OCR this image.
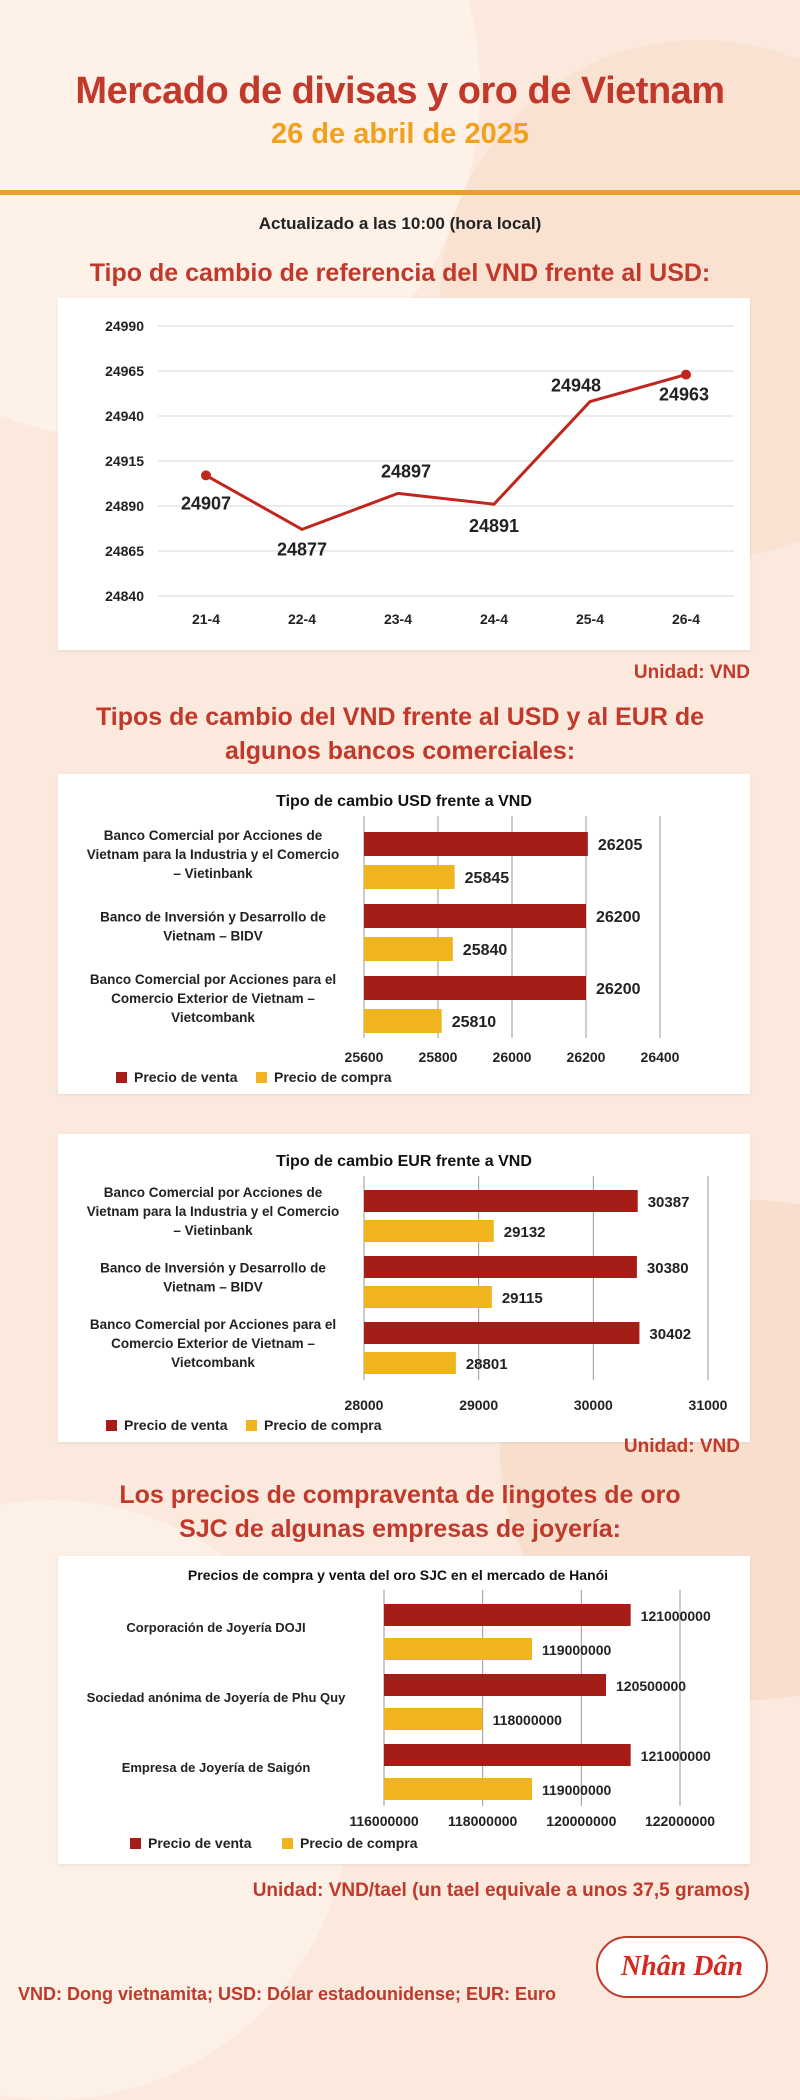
Mercado de divisas y oro de Vietnam
26 de abril de 2025
Actualizado a las 10:00 (hora local)
Tipo de cambio de referencia del VND frente al USD:
24840
24865
24890
24915
24940
24965
24990
21-4	22-4	23-4	24-4	25-4	26-4
24907
24877
24897
24891
24948	24963
Unidad: VND
Tipos de cambio del VND frente al USD y al EUR de
algunos bancos comerciales:
Tipo de cambio USD frente a VND
25600	25800	26000	26200	26400
Banco Comercial por Acciones de
Vietnam para la Industria y el Comercio
– Vietinbank
26205
25845
Banco de Inversión y Desarrollo de
Vietnam – BIDV
26200
25840
Banco Comercial por Acciones para el
Comercio Exterior de Vietnam –
Vietcombank
26200
25810
Precio de venta	Precio de compra
Tipo de cambio EUR frente a VND
28000	29000	30000	31000
Banco Comercial por Acciones de
Vietnam para la Industria y el Comercio
– Vietinbank
30387
29132
Banco de Inversión y Desarrollo de
Vietnam – BIDV
30380
29115
Banco Comercial por Acciones para el
Comercio Exterior de Vietnam –
Vietcombank
30402
28801
Precio de venta	Precio de compra
Unidad: VND
Los precios de compraventa de lingotes de oro
SJC de algunas empresas de joyería:
Precios de compra y venta del oro SJC en el mercado de Hanói
116000000 118000000 120000000 122000000
Corporación de Joyería DOJI
121000000
119000000
Sociedad anónima de Joyería de Phu Quy
120500000
118000000
Empresa de Joyería de Saigón
121000000
119000000
Precio de venta	Precio de compra
Unidad: VND/tael (un tael equivale a unos 37,5 gramos)
VND: Dong vietnamita; USD: Dólar estadounidense; EUR: Euro
Nhân Dân
